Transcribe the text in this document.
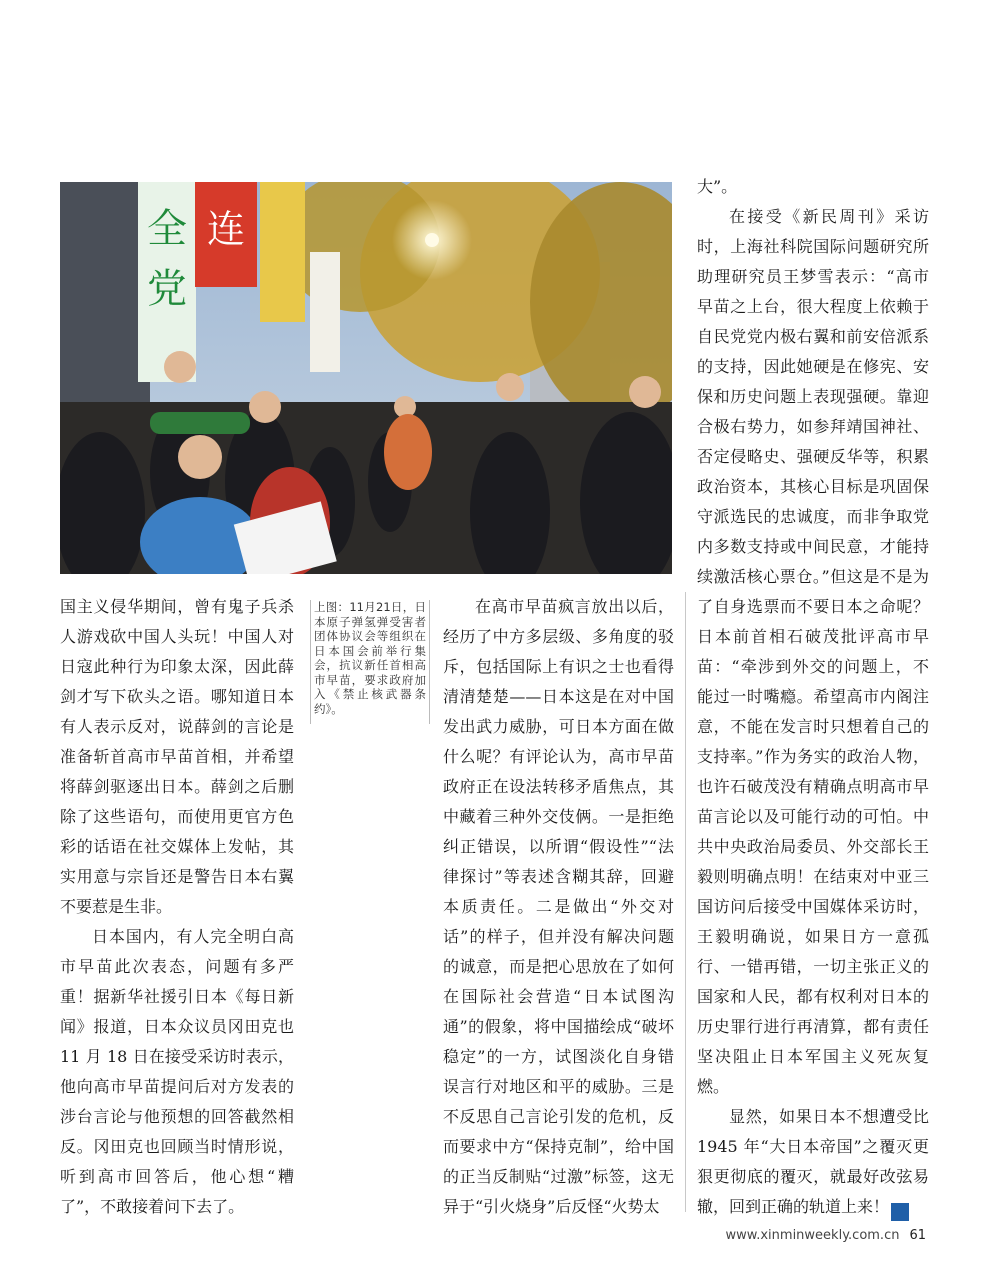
全
党
连

国主义侵华期间，曾有鬼子兵杀人游戏砍中国人头玩！中国人对日寇此种行为印象太深，因此薛剑才写下砍头之语。哪知道日本有人表示反对，说薛剑的言论是准备斩首高市早苗首相，并希望将薛剑驱逐出日本。薛剑之后删除了这些语句，而使用更官方色彩的话语在社交媒体上发帖，其实用意与宗旨还是警告日本右翼不要惹是生非。

日本国内，有人完全明白高市早苗此次表态，问题有多严重！据新华社援引日本《每日新闻》报道，日本众议员冈田克也11 月 18 日在接受采访时表示，他向高市早苗提问后对方发表的涉台言论与他预想的回答截然相反。冈田克也回顾当时情形说，听到高市回答后，他心想“糟了”，不敢接着问下去了。

上图：11月21日，日本原子弹氢弹受害者团体协议会等组织在日本国会前举行集会，抗议新任首相高市早苗，要求政府加入《禁止核武器条约》。

在高市早苗疯言放出以后，经历了中方多层级、多角度的驳斥，包括国际上有识之士也看得清清楚楚——日本这是在对中国发出武力威胁，可日本方面在做什么呢？有评论认为，高市早苗政府正在设法转移矛盾焦点，其中藏着三种外交伎俩。一是拒绝纠正错误，以所谓“假设性”“法律探讨”等表述含糊其辞，回避本质责任。二是做出“外交对话”的样子，但并没有解决问题的诚意，而是把心思放在了如何在国际社会营造“日本试图沟通”的假象，将中国描绘成“破坏稳定”的一方，试图淡化自身错误言行对地区和平的威胁。三是不反思自己言论引发的危机，反而要求中方“保持克制”，给中国的正当反制贴“过激”标签，这无异于“引火烧身”后反怪“火势太

大”。

在接受《新民周刊》采访时，上海社科院国际问题研究所助理研究员王梦雪表示：“高市早苗之上台，很大程度上依赖于自民党党内极右翼和前安倍派系的支持，因此她硬是在修宪、安保和历史问题上表现强硬。靠迎合极右势力，如参拜靖国神社、否定侵略史、强硬反华等，积累政治资本，其核心目标是巩固保守派选民的忠诚度，而非争取党内多数支持或中间民意，才能持续激活核心票仓。”但这是不是为了自身选票而不要日本之命呢？日本前首相石破茂批评高市早苗：“牵涉到外交的问题上，不能过一时嘴瘾。希望高市内阁注意，不能在发言时只想着自己的支持率。”作为务实的政治人物，也许石破茂没有精确点明高市早苗言论以及可能行动的可怕。中共中央政治局委员、外交部长王毅则明确点明！在结束对中亚三国访问后接受中国媒体采访时，王毅明确说，如果日方一意孤行、一错再错，一切主张正义的国家和人民，都有权利对日本的历史罪行进行再清算，都有责任坚决阻止日本军国主义死灰复燃。

显然，如果日本不想遭受比 1945 年“大日本帝国”之覆灭更狠更彻底的覆灭，就最好改弦易辙，回到正确的轨道上来！	民

www.xinminweekly.com.cn 61
